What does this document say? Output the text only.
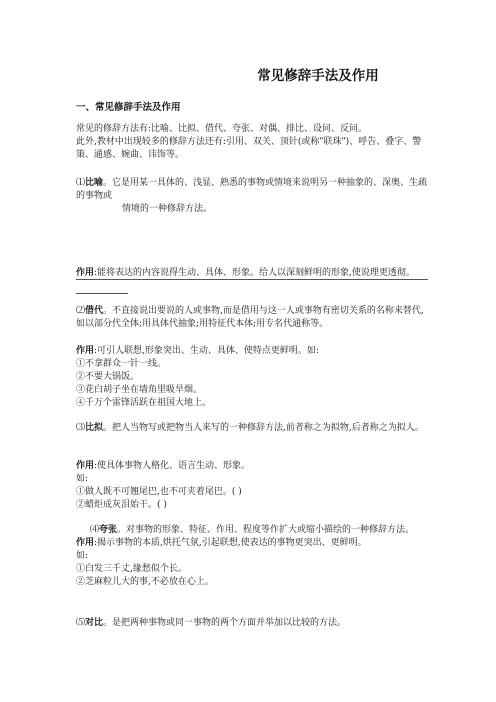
常见修辞手法及作用
一、常见修辞手法及作用
常见的修辞方法有:比喻、比拟、借代、夸张、对偶、排比、设问、反问。
此外,教材中出现较多的修辞方法还有:引用、双关、顶针(或称"联珠")、呼告、叠字、警策、通感、婉曲、讳饰等。
⑴比喻。它是用某一具体的、浅显、熟悉的事物或情境来说明另一种抽象的、深奥、生疏的事物或
情境的一种修辞方法。
作用:能将表达的内容说得生动、具体、形象。给人以深刻鲜明的形象,使说理更透彻。
⑵借代。不直接说出要说的人或事物,而是借用与这一人或事物有密切关系的名称来替代,如以部分代全体;用具体代抽象;用特征代本体;用专名代通称等。
作用:可引人联想,形象突出、生动、具体、使特点更鲜明。如:
①不拿群众一针一线。
②不要大锅饭。
③花白胡子坐在墙角里吸旱烟。
④千万个雷锋活跃在祖国大地上。
⑶比拟。把人当物写或把物当人来写的一种修辞方法,前者称之为拟物,后者称之为拟人。
作用:使具体事物人格化、语言生动、形象。
如:
①做人既不可翘尾巴,也不可夹着尾巴。( )
②蜡炬成灰泪始干。( )
⑷夸张。对事物的形象、特征、作用、程度等作扩大或缩小描绘的一种修辞方法。
作用:揭示事物的本质,烘托气氛,引起联想,使表达的事物更突出、更鲜明。
如:
①白发三千丈,缘愁似个长。
②芝麻粒儿大的事,不必放在心上。
⑸对比。是把两种事物或同一事物的两个方面并举加以比较的方法。
